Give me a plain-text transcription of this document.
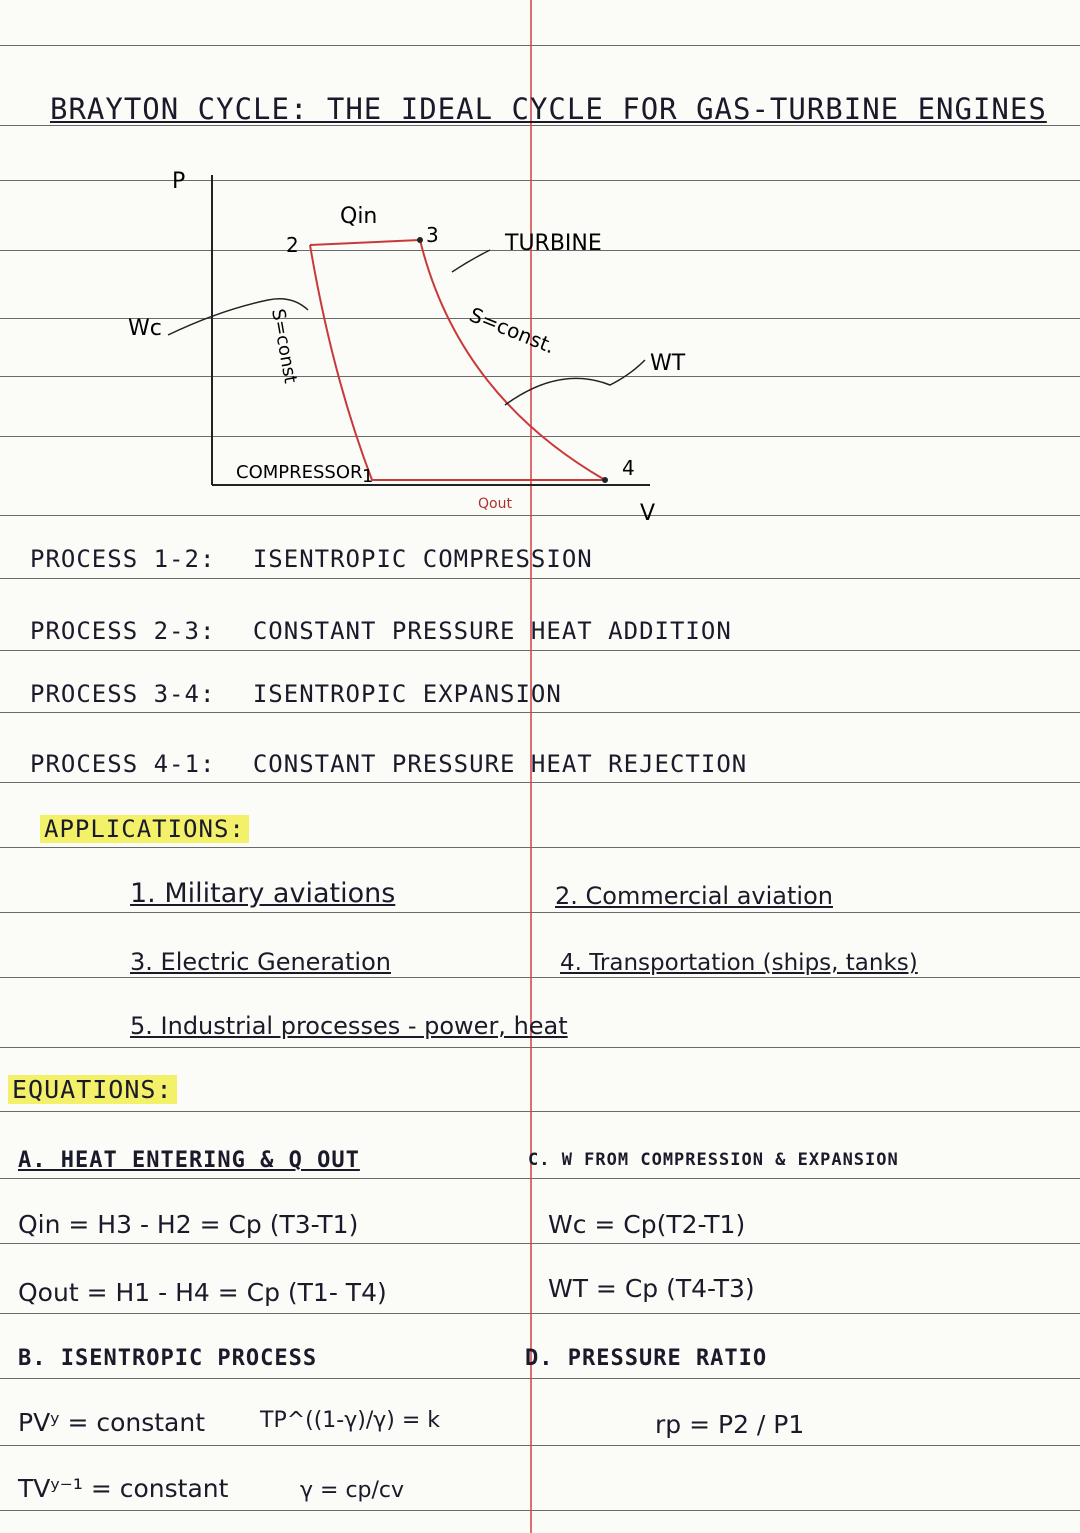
BRAYTON CYCLE: THE IDEAL CYCLE FOR GAS-TURBINE ENGINES
P
V
1
2	3
4
Qin
TURBINE
COMPRESSOR
Wc
WT
S=const	S=const.
Qout
PROCESS 1-2: ISENTROPIC COMPRESSION
PROCESS 2-3: CONSTANT PRESSURE HEAT ADDITION
PROCESS 3-4: ISENTROPIC EXPANSION
PROCESS 4-1: CONSTANT PRESSURE HEAT REJECTION
APPLICATIONS:
1. Military aviations	2. Commercial aviation
3. Electric Generation	4. Transportation (ships, tanks)
5. Industrial processes - power, heat
EQUATIONS:
A. HEAT ENTERING & Q OUT
Qin = H3 - H2 = Cp (T3-T1)
Qout = H1 - H4 = Cp (T1- T4)
B. ISENTROPIC PROCESS
PVʸ = constant TP^((1-γ)/γ) = k
TVʸ⁻¹ = constant	γ = cp/cv
C. W FROM COMPRESSION & EXPANSION
Wc = Cp(T2-T1)
WT = Cp (T4-T3)
D. PRESSURE RATIO
rp = P2 / P1
